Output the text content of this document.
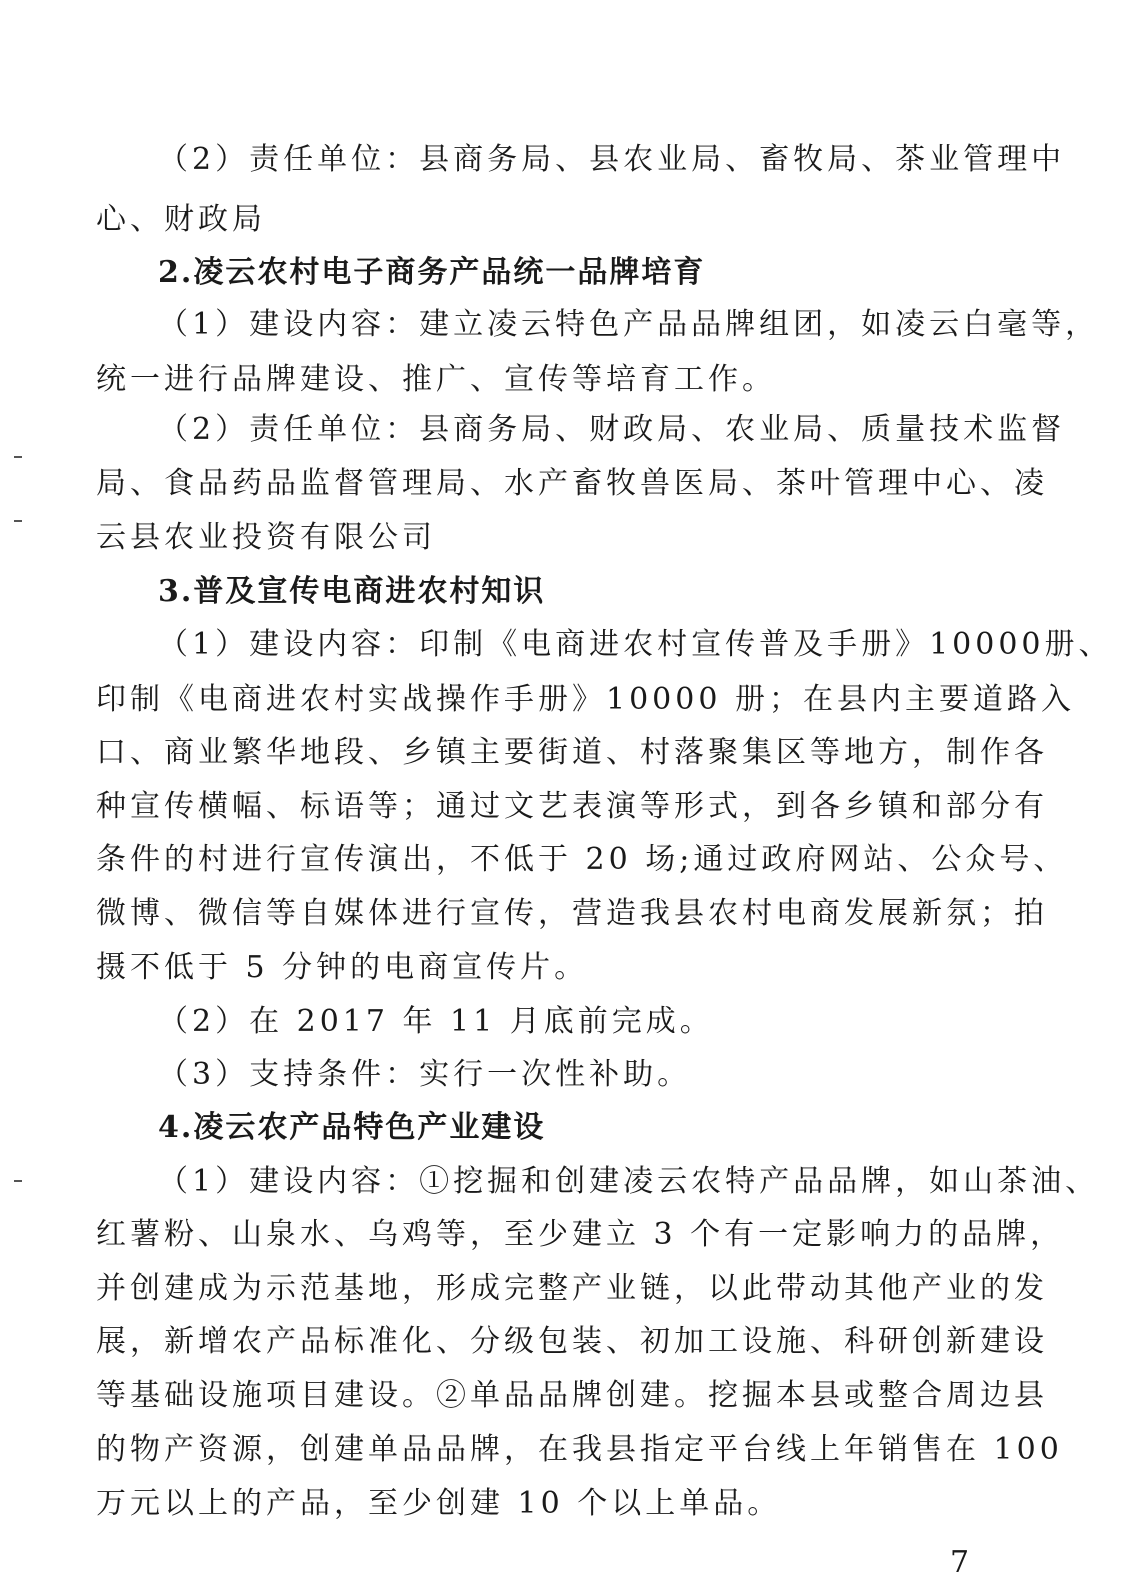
（2）责任单位：县商务局、县农业局、畜牧局、茶业管理中
心、财政局
2.凌云农村电子商务产品统一品牌培育
（1）建设内容：建立凌云特色产品品牌组团，如凌云白毫等，
统一进行品牌建设、推广、宣传等培育工作。
（2）责任单位：县商务局、财政局、农业局、质量技术监督
局、食品药品监督管理局、水产畜牧兽医局、茶叶管理中心、凌
云县农业投资有限公司
3.普及宣传电商进农村知识
（1）建设内容：印制《电商进农村宣传普及手册》10000册、
印制《电商进农村实战操作手册》10000 册；在县内主要道路入
口、商业繁华地段、乡镇主要街道、村落聚集区等地方，制作各
种宣传横幅、标语等；通过文艺表演等形式，到各乡镇和部分有
条件的村进行宣传演出，不低于 20 场;通过政府网站、公众号、
微博、微信等自媒体进行宣传，营造我县农村电商发展新氛；拍
摄不低于 5 分钟的电商宣传片。
（2）在 2017 年 11 月底前完成。
（3）支持条件：实行一次性补助。
4.凌云农产品特色产业建设
（1）建设内容：①挖掘和创建凌云农特产品品牌，如山茶油、
红薯粉、山泉水、乌鸡等，至少建立 3 个有一定影响力的品牌，
并创建成为示范基地，形成完整产业链，以此带动其他产业的发
展，新增农产品标准化、分级包装、初加工设施、科研创新建设
等基础设施项目建设。②单品品牌创建。挖掘本县或整合周边县
的物产资源，创建单品品牌，在我县指定平台线上年销售在 100
万元以上的产品，至少创建 10 个以上单品。
7
